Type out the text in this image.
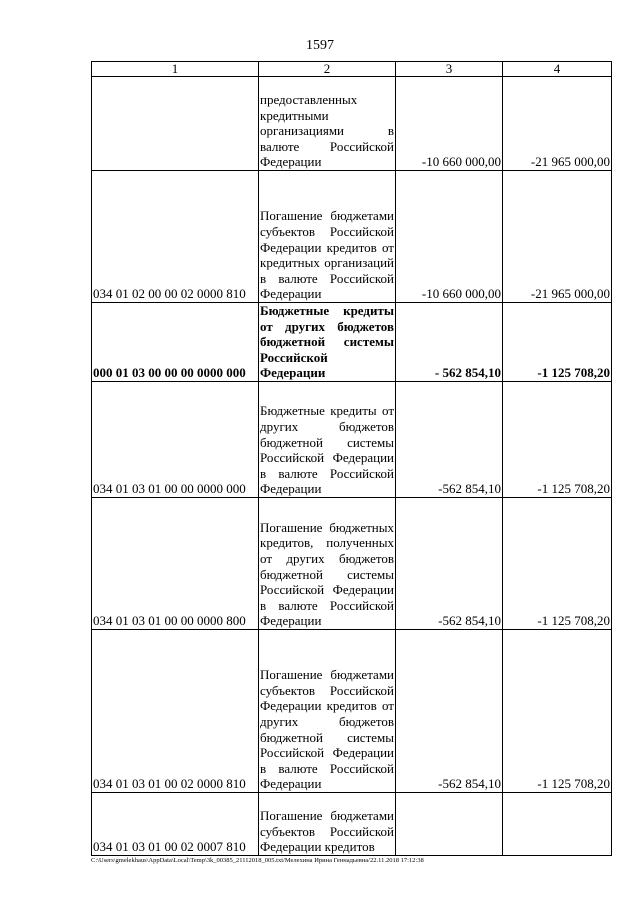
1597
1	2	3	4
	предоставленных кредитными организациями в валюте Российской Федерации	-10 660 000,00	-21 965 000,00
034 01 02 00 00 02 0000 810	Погашение бюджетами субъектов Российской Федерации кредитов от кредитных организаций в валюте Российской Федерации	-10 660 000,00	-21 965 000,00
000 01 03 00 00 00 0000 000	Бюджетные кредиты от других бюджетов бюджетной системы Российской Федерации	- 562 854,10	-1 125 708,20
034 01 03 01 00 00 0000 000	Бюджетные кредиты от других бюджетов бюджетной системы Российской Федерации в валюте Российской Федерации	-562 854,10	-1 125 708,20
034 01 03 01 00 00 0000 800	Погашение бюджетных кредитов, полученных от других бюджетов бюджетной системы Российской Федерации в валюте Российской Федерации	-562 854,10	-1 125 708,20
034 01 03 01 00 02 0000 810	Погашение бюджетами субъектов Российской Федерации кредитов от других бюджетов бюджетной системы Российской Федерации в валюте Российской Федерации	-562 854,10	-1 125 708,20
034 01 03 01 00 02 0007 810	Погашение бюджетами субъектов Российской Федерации кредитов		
C:\Users\gmelekhaus\AppData\Local\Temp\3k_00385_21112018_005.txt/Мелехина Ирина Геннадьевна/22.11.2018 17:12:38
